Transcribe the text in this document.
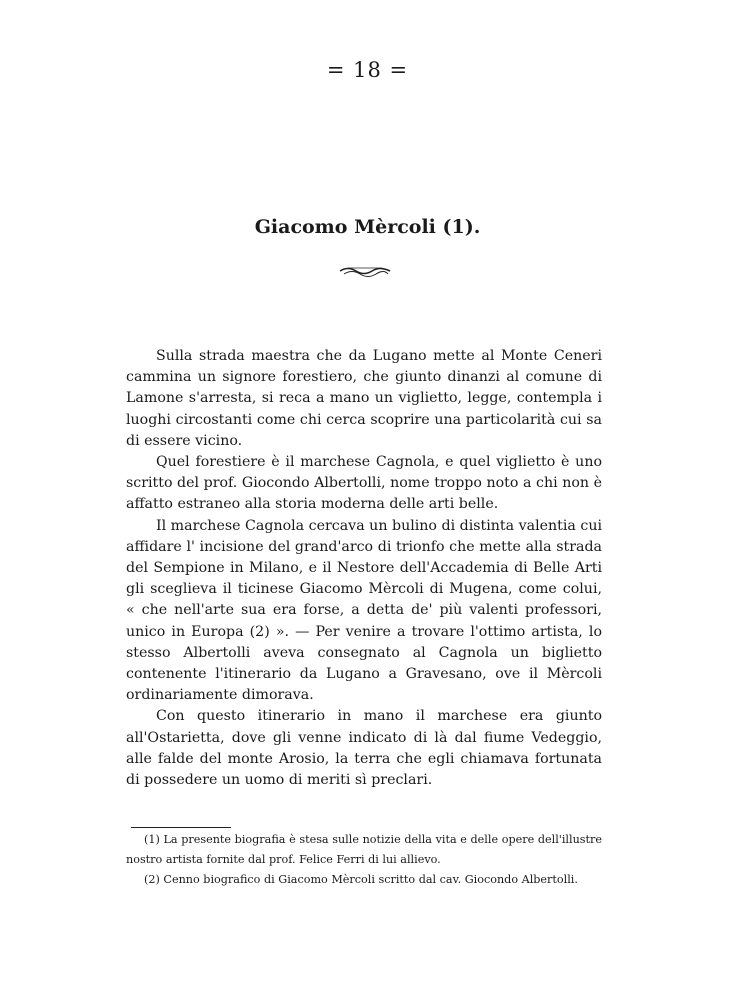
= 18 =
Giacomo Mèrcoli (1).

Sulla strada maestra che da Lugano mette al Monte Ceneri cammina un signore forestiero, che giunto dinanzi al comune di Lamone s'arresta, si reca a mano un viglietto, legge, contempla i luoghi circostanti come chi cerca scoprire una particolarità cui sa di essere vicino.

Quel forestiere è il marchese Cagnola, e quel viglietto è uno scritto del prof. Giocondo Albertolli, nome troppo noto a chi non è affatto estraneo alla storia moderna delle arti belle.

Il marchese Cagnola cercava un bulino di distinta valentia cui affidare l' incisione del grand'arco di trionfo che mette alla strada del Sempione in Milano, e il Nestore dell'Accademia di Belle Arti gli sceglieva il ticinese Giacomo Mèrcoli di Mugena, come colui, « che nell'arte sua era forse, a detta de' più valenti professori, unico in Europa (2) ». — Per venire a trovare l'ottimo artista, lo stesso Albertolli aveva consegnato al Cagnola un biglietto contenente l'itinerario da Lugano a Gravesano, ove il Mèrcoli ordinariamente dimorava.

Con questo itinerario in mano il marchese era giunto all'Ostarietta, dove gli venne indicato di là dal fiume Vedeggio, alle falde del monte Arosio, la terra che egli chiamava fortunata di possedere un uomo di meriti sì preclari.

(1) La presente biografia è stesa sulle notizie della vita e delle opere dell'illustre nostro artista fornite dal prof. Felice Ferri di lui allievo.

(2) Cenno biografico di Giacomo Mèrcoli scritto dal cav. Giocondo Albertolli.
